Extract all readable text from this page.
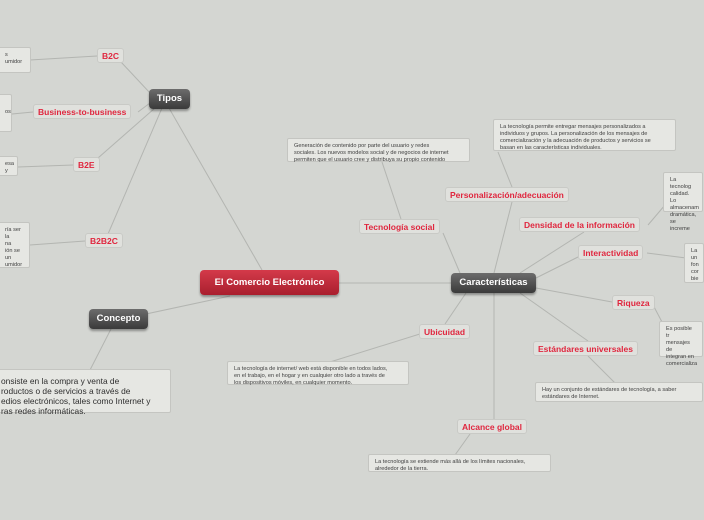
El Comercio Electrónico
Tipos
B2C
Business-to-business
B2E
B2B2C
s
umidor
os
esa y
ría ser la
na
ión se
un
umidor
Concepto
onsiste en la compra y venta de
roductos o de servicios a través de
edios electrónicos, tales como Internet y
ras redes informáticas.
Características
Tecnología social
Personalización/adecuación
Densidad de la información
Interactividad
Riqueza
Estándares universales
Ubicuidad
Alcance global
Generación de contenido por parte del usuario y redes
sociales. Los nuevos modelos social y de negocios de internet
permiten que el usuario cree y distribuya su propio contenido
La tecnología permite entregar mensajes personalizados a
individuos y grupos. La personalización de los mensajes de
comercialización y la adecuación de productos y servicios se
basan en las características individuales.
La tecnolog
calidad. Lo
almacenam
dramática,
se increme
La
un
fon
cor
bie
Es posible tr
mensajes de
integran en
comercializa
Hay un conjunto de estándares de tecnología, a saber
estándares de Internet.
La tecnología de internet/ web está disponible en todos lados,
en el trabajo, en el hogar y en cualquier otro lado a través de
los dispositivos móviles, en cualquier momento.
La tecnología se extiende más allá de los límites nacionales,
alrededor de la tierra.
